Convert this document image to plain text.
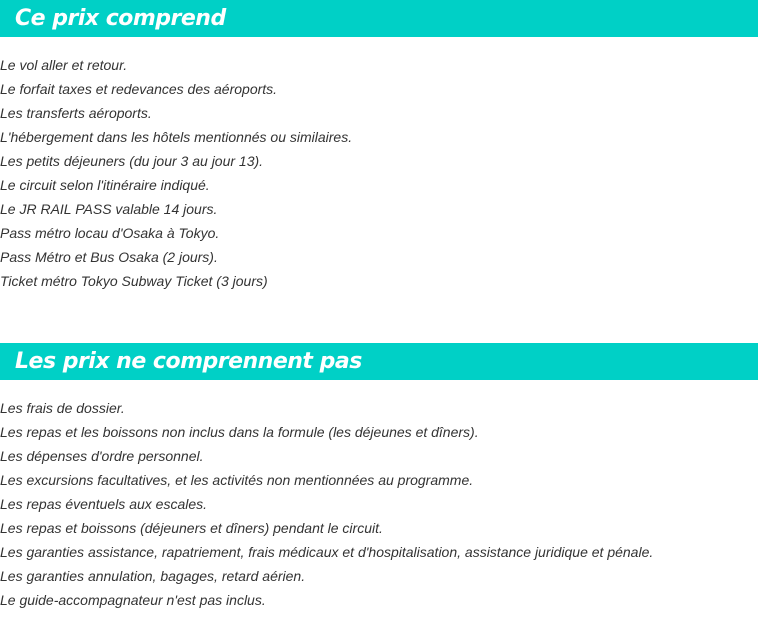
Ce prix comprend
Le vol aller et retour.
Le forfait taxes et redevances des aéroports.
Les transferts aéroports.
L'hébergement dans les hôtels mentionnés ou similaires.
Les petits déjeuners (du jour 3 au jour 13).
Le circuit selon l'itinéraire indiqué.
Le JR RAIL PASS valable 14 jours.
Pass métro locau d'Osaka à Tokyo.
Pass Métro et Bus Osaka (2 jours).
Ticket métro Tokyo Subway Ticket (3 jours)
Les prix ne comprennent pas
Les frais de dossier.
Les repas et les boissons non inclus dans la formule (les déjeunes et dîners).
Les dépenses d'ordre personnel.
Les excursions facultatives, et les activités non mentionnées au programme.
Les repas éventuels aux escales.
Les repas et boissons (déjeuners et dîners) pendant le circuit.
Les garanties assistance, rapatriement, frais médicaux et d'hospitalisation, assistance juridique et pénale.
Les garanties annulation, bagages, retard aérien.
Le guide-accompagnateur n'est pas inclus.
